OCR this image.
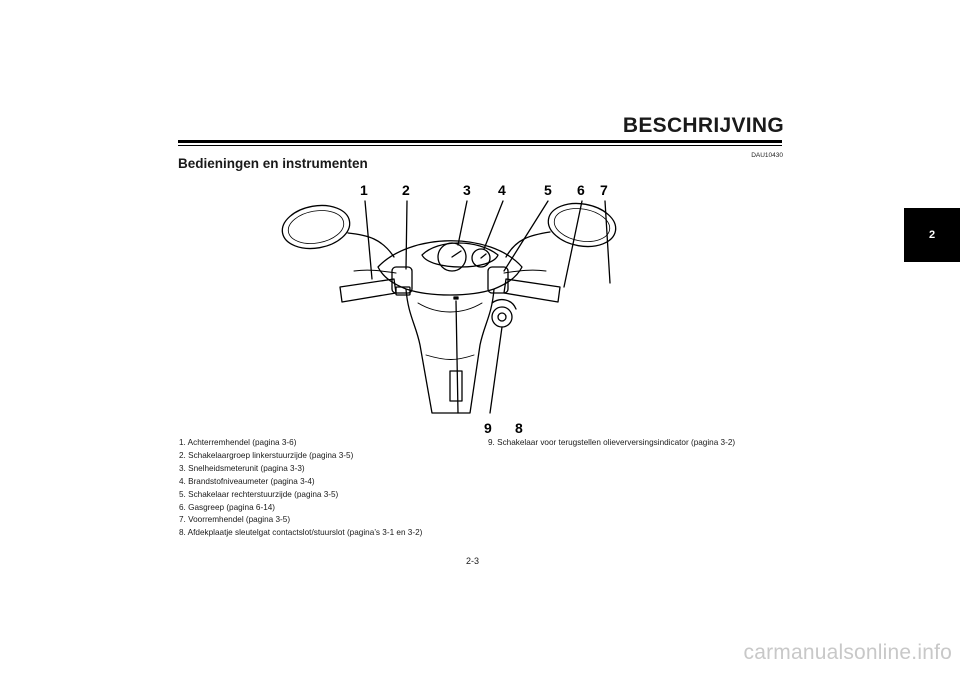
BESCHRIJVING
DAU10430
Bedieningen en instrumenten
2
1 2	3 4	5 6 7
9 8
1. Achterremhendel (pagina 3-6)
2. Schakelaargroep linkerstuurzijde (pagina 3-5)
3. Snelheidsmeterunit (pagina 3-3)
4. Brandstofniveaumeter (pagina 3-4)
5. Schakelaar rechterstuurzijde (pagina 3-5)
6. Gasgreep (pagina 6-14)
7. Voorremhendel (pagina 3-5)
8. Afdekplaatje sleutelgat contactslot/stuurslot (pagina’s 3-1 en 3-2)
9. Schakelaar voor terugstellen olieverversingsindicator (pagina 3-2)
2-3
carmanualsonline.info
